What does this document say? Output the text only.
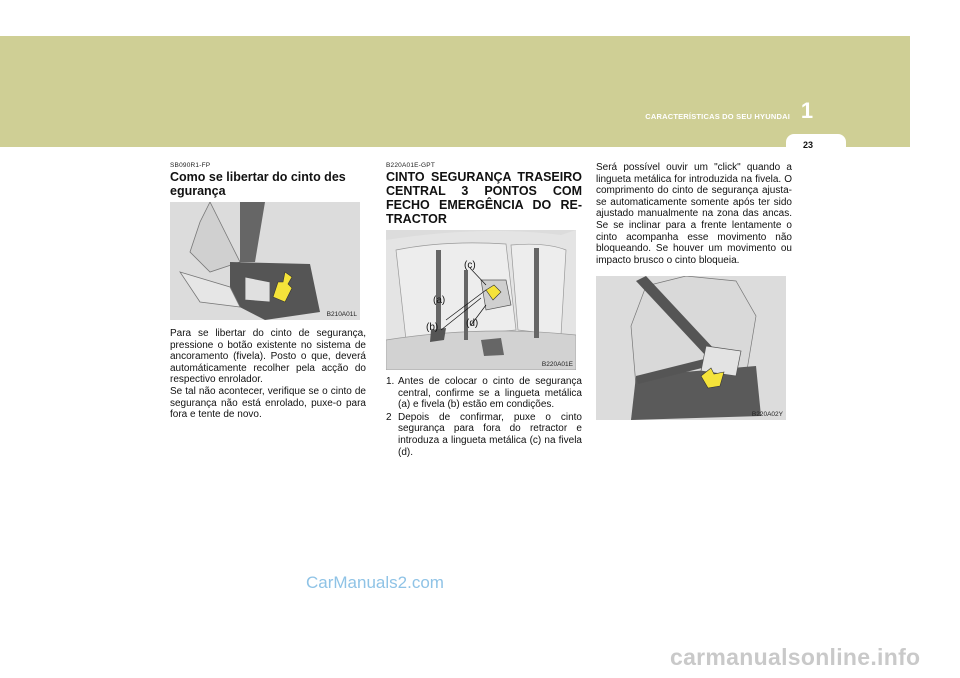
CARACTERÍSTICAS DO SEU HYUNDAI 1
23
SB090R1-FP
Como se libertar do cinto des egurança
B210A01L

Para se libertar do cinto de segurança, pressione o botão existente no sistema de ancoramento (fivela). Posto o que, deverá automáticamente recolher pela acção do respectivo enrolador.

Se tal não acontecer, verifique se o cinto de segurança não está enrolado, puxe-o para fora e tente de novo.

B220A01E-GPT
CINTO SEGURANÇA TRASEIRO CENTRAL 3 PONTOS COM FECHO EMERGÊNCIA DO RE-TRACTOR
(c)
(a)
(b)	(d)
B220A01E
1. Antes de colocar o cinto de segurança central, confirme se a lingueta metálica (a) e fivela (b) estão em condições.
2 Depois de confirmar, puxe o cinto segurança para fora do retractor e introduza a lingueta metálica (c) na fivela (d).

Será possível ouvir um "click" quando a lingueta metálica for introduzida na fivela. O comprimento do cinto de segurança ajusta-se automaticamente somente após ter sido ajustado manualmente na zona das ancas. Se se inclinar para a frente lentamente o cinto acompanha esse movimento não bloqueando. Se houver um movimento ou impacto brusco o cinto bloqueia.

B220A02Y
CarManuals2.com
carmanualsonline.info
